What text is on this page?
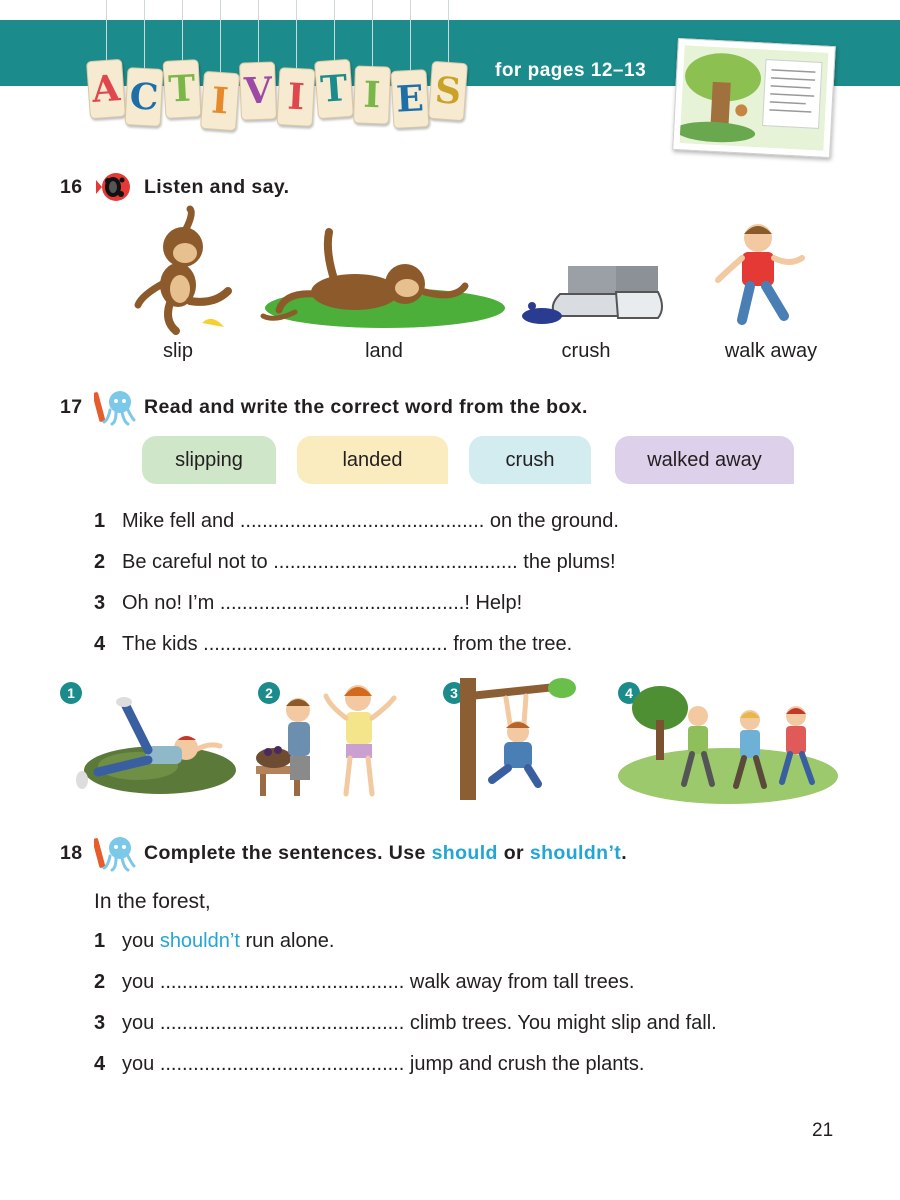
A C T I V I T I E S for pages 12–13
16	Listen and say.
slip	land	crush	walk away
17	Read and write the correct word from the box.
slipping	landed	crush	walked away
1 Mike fell and
............................................
on the ground.
2 Be careful not to
............................................
the plums!
3 Oh no! I’m
............................................!
Help!
4 The kids
............................................
from the tree.
1	2	3	4
18	Complete the sentences. Use
should
or
shouldn’t .
In the forest,
1 you
shouldn’t
run alone.
2 you
............................................
walk away from tall trees.
3 you
............................................
climb trees. You might slip and fall.
4 you
............................................
jump and crush the plants.
21
